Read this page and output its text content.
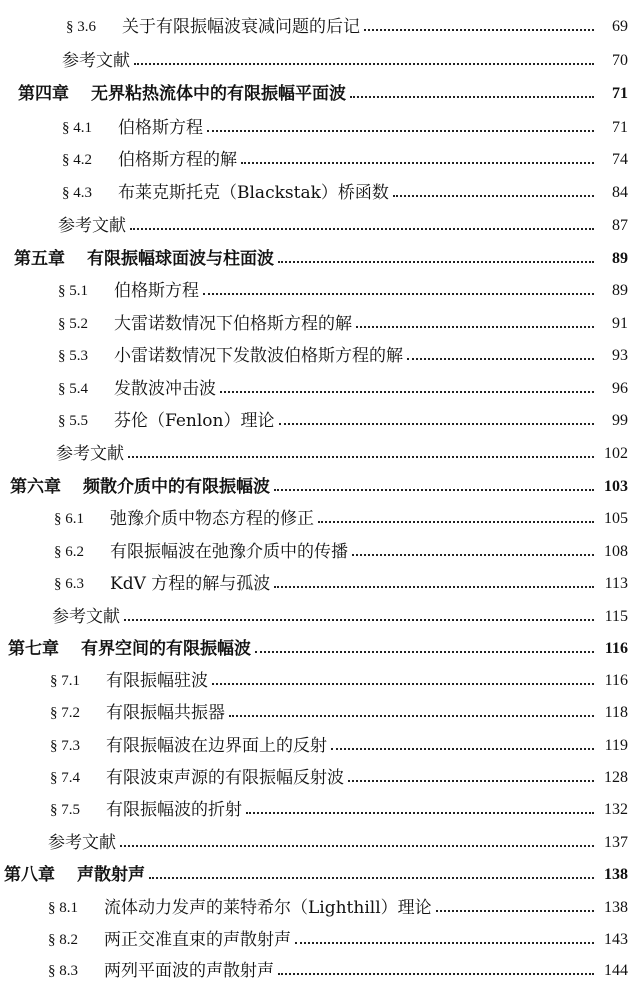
§ 3.6	关于有限振幅波衰减问题的后记	69
参考文献	70
第四章 无界粘热流体中的有限振幅平面波	71
§ 4.1	伯格斯方程	71
§ 4.2	伯格斯方程的解	74
§ 4.3	布莱克斯托克（Blackstak）桥函数	84
参考文献	87
第五章 有限振幅球面波与柱面波	89
§ 5.1	伯格斯方程	89
§ 5.2	大雷诺数情况下伯格斯方程的解	91
§ 5.3	小雷诺数情况下发散波伯格斯方程的解	93
§ 5.4	发散波冲击波	96
§ 5.5	芬伦（Fenlon）理论	99
参考文献	102
第六章 频散介质中的有限振幅波	103
§ 6.1	弛豫介质中物态方程的修正	105
§ 6.2	有限振幅波在弛豫介质中的传播	108
§ 6.3	KdV 方程的解与孤波	113
参考文献	115
第七章 有界空间的有限振幅波	116
§ 7.1	有限振幅驻波	116
§ 7.2	有限振幅共振器	118
§ 7.3	有限振幅波在边界面上的反射	119
§ 7.4	有限波束声源的有限振幅反射波	128
§ 7.5	有限振幅波的折射	132
参考文献	137
第八章 声散射声	138
§ 8.1	流体动力发声的莱特希尔（Lighthill）理论	138
§ 8.2	两正交准直束的声散射声	143
§ 8.3	两列平面波的声散射声	144
